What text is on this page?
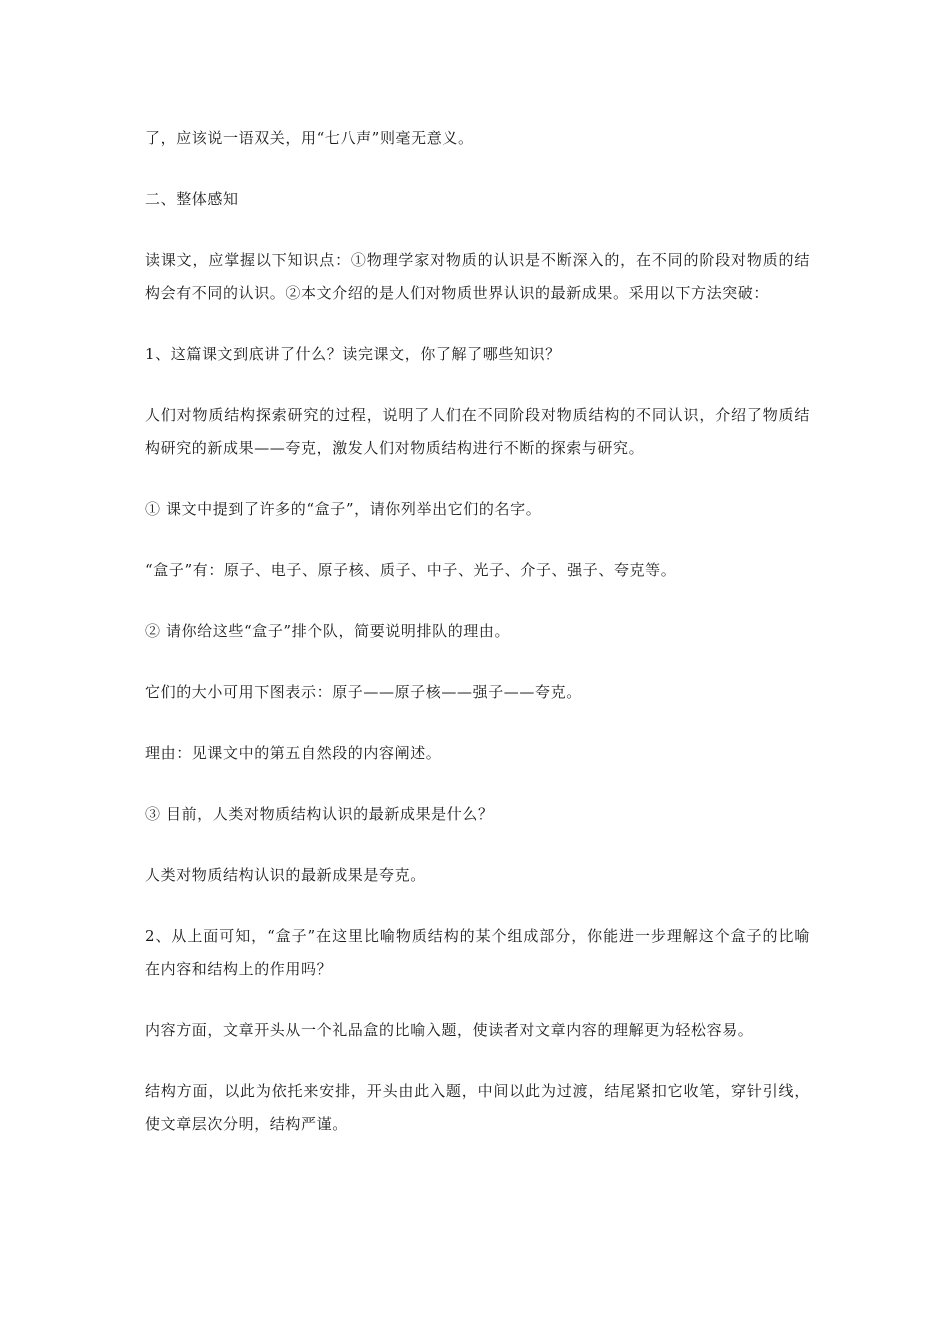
了，应该说一语双关，用“七八声”则毫无意义。

二、整体感知

读课文，应掌握以下知识点：①物理学家对物质的认识是不断深入的，在不同的阶段对物质的结构会有不同的认识。②本文介绍的是人们对物质世界认识的最新成果。采用以下方法突破：

1、这篇课文到底讲了什么？读完课文，你了解了哪些知识？

人们对物质结构探索研究的过程，说明了人们在不同阶段对物质结构的不同认识，介绍了物质结构研究的新成果——夸克，激发人们对物质结构进行不断的探索与研究。

① 课文中提到了许多的“盒子”，请你列举出它们的名字。

“盒子”有：原子、电子、原子核、质子、中子、光子、介子、强子、夸克等。

② 请你给这些“盒子”排个队，简要说明排队的理由。

它们的大小可用下图表示：原子——原子核——强子——夸克。

理由：见课文中的第五自然段的内容阐述。

③ 目前，人类对物质结构认识的最新成果是什么？

人类对物质结构认识的最新成果是夸克。

2、从上面可知，“盒子”在这里比喻物质结构的某个组成部分，你能进一步理解这个盒子的比喻在内容和结构上的作用吗？

内容方面，文章开头从一个礼品盒的比喻入题，使读者对文章内容的理解更为轻松容易。

结构方面，以此为依托来安排，开头由此入题，中间以此为过渡，结尾紧扣它收笔，穿针引线，使文章层次分明，结构严谨。
